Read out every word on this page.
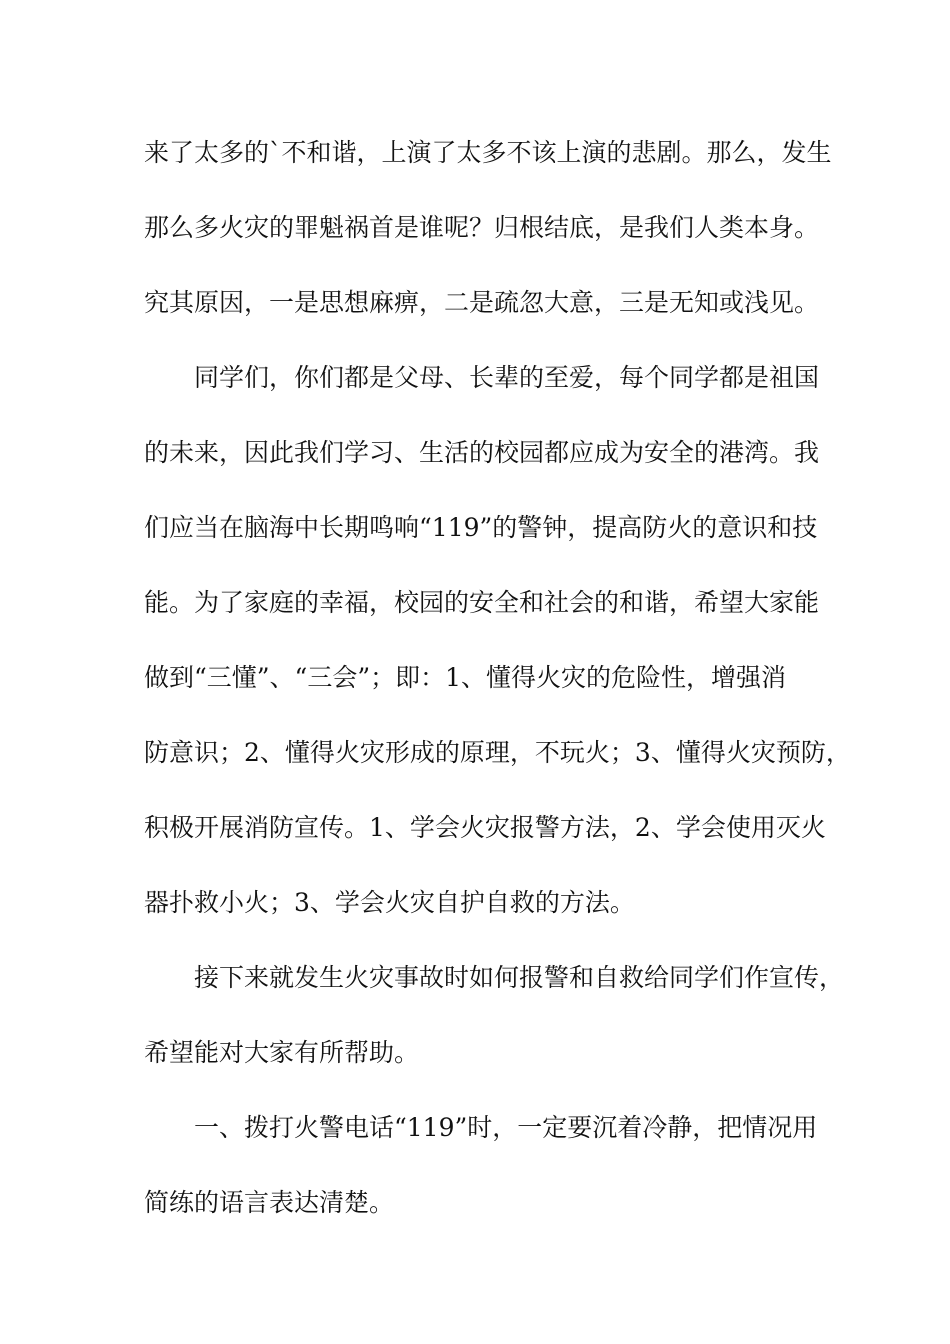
来了太多的`不和谐，上演了太多不该上演的悲剧。那么，发生
那么多火灾的罪魁祸首是谁呢？归根结底，是我们人类本身。
究其原因，一是思想麻痹，二是疏忽大意，三是无知或浅见。
同学们，你们都是父母、长辈的至爱，每个同学都是祖国
的未来，因此我们学习、生活的校园都应成为安全的港湾。我
们应当在脑海中长期鸣响“119”的警钟，提高防火的意识和技
能。为了家庭的幸福，校园的安全和社会的和谐，希望大家能
做到“三懂”、“三会”；即：1、懂得火灾的危险性，增强消
防意识；2、懂得火灾形成的原理，不玩火；3、懂得火灾预防，
积极开展消防宣传。1、学会火灾报警方法，2、学会使用灭火
器扑救小火；3、学会火灾自护自救的方法。
接下来就发生火灾事故时如何报警和自救给同学们作宣传，
希望能对大家有所帮助。
一、拨打火警电话“119”时，一定要沉着冷静，把情况用
简练的语言表达清楚。
